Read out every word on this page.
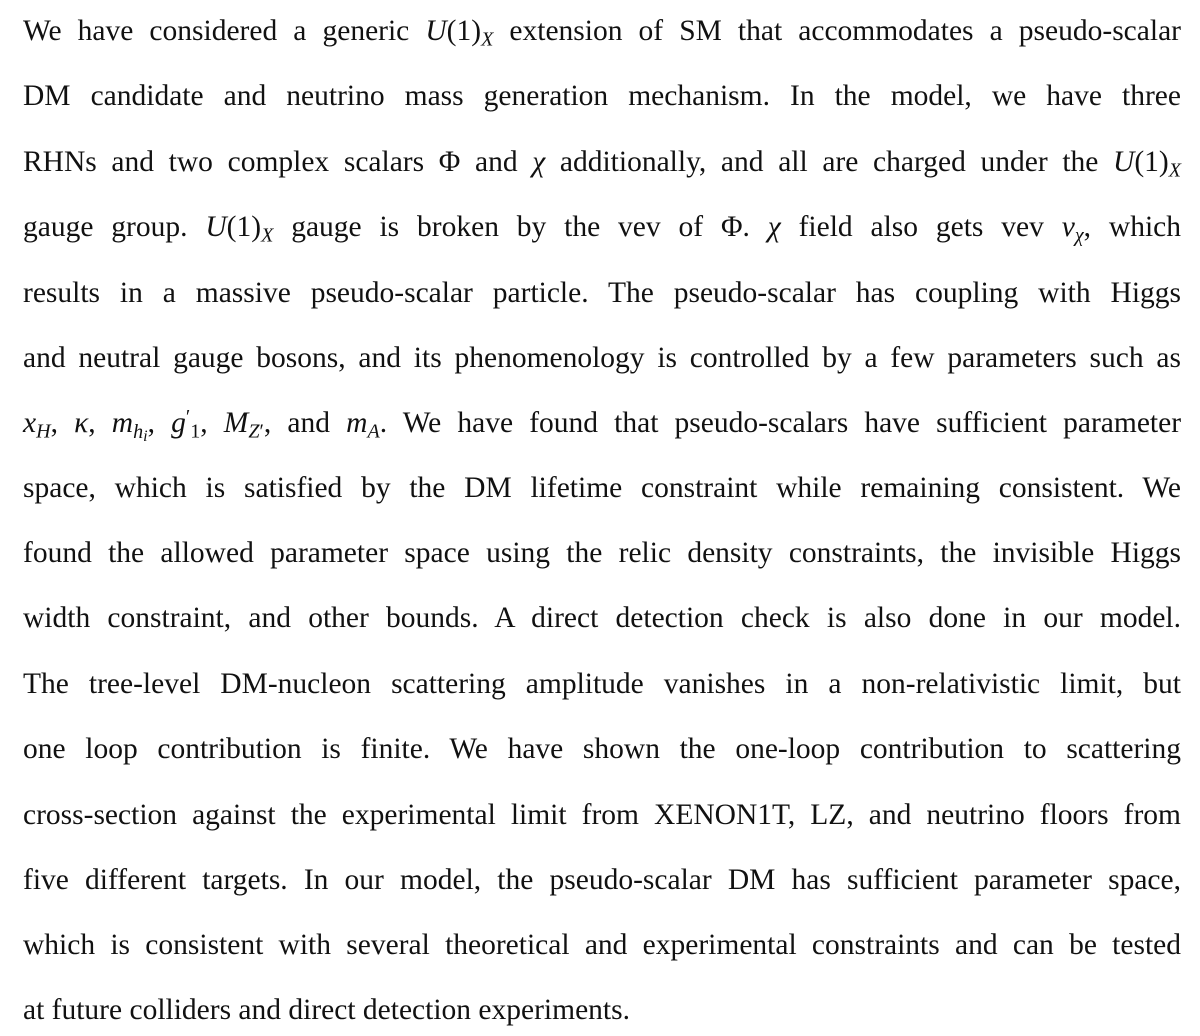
We have considered a generic $U(1)_X$ extension of SM that accommodates a pseudo-scalar
DM candidate and neutrino mass generation mechanism. In the model, we have three
RHNs and two complex scalars Φ and χ additionally, and all are charged under the $U(1)_X$
gauge group. $U(1)_X$ gauge is broken by the vev of Φ. χ field also gets vev $v_\chi$, which
results in a massive pseudo-scalar particle. The pseudo-scalar has coupling with Higgs
and neutral gauge bosons, and its phenomenology is controlled by a few parameters such as
$x_H$, κ, $m_{h_i}$, $g'_1$, $M_{Z'}$, and $m_A$. We have found that pseudo-scalars have sufficient parameter
space, which is satisfied by the DM lifetime constraint while remaining consistent. We
found the allowed parameter space using the relic density constraints, the invisible Higgs
width constraint, and other bounds. A direct detection check is also done in our model.
The tree-level DM-nucleon scattering amplitude vanishes in a non-relativistic limit, but
one loop contribution is finite. We have shown the one-loop contribution to scattering
cross-section against the experimental limit from XENON1T, LZ, and neutrino floors from
five different targets. In our model, the pseudo-scalar DM has sufficient parameter space,
which is consistent with several theoretical and experimental constraints and can be tested
at future colliders and direct detection experiments.
